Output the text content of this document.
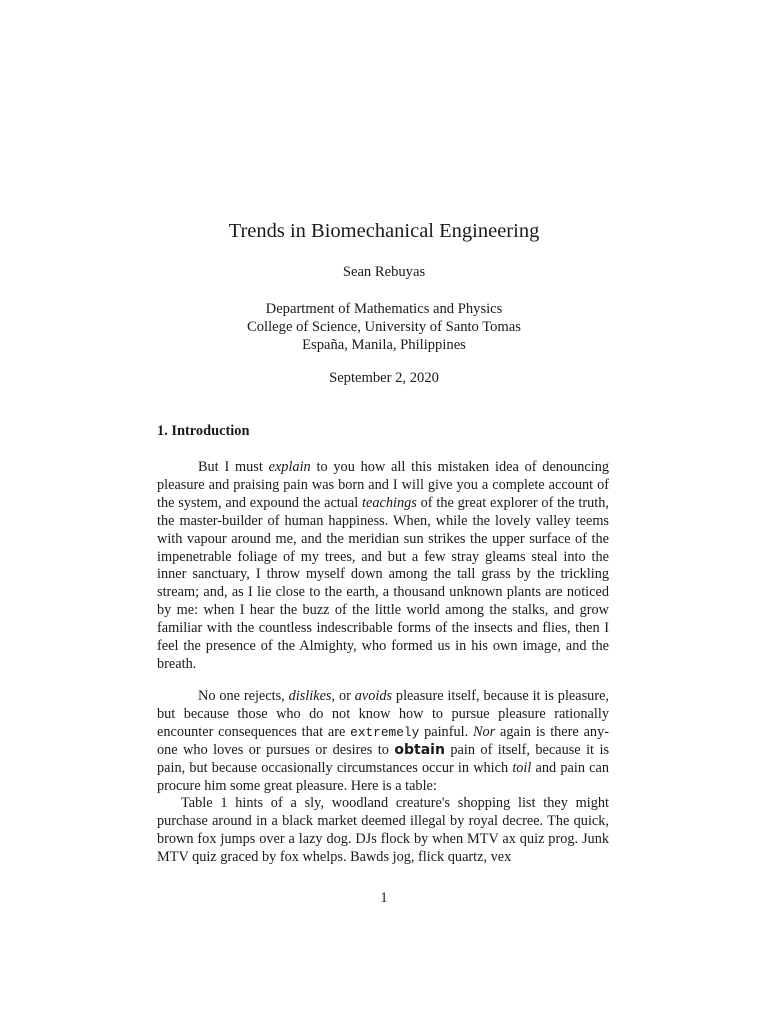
Trends in Biomechanical Engineering
Sean Rebuyas
Department of Mathematics and Physics
College of Science, University of Santo Tomas
España, Manila, Philippines
September 2, 2020
1. Introduction

But I must explain to you how all this mistaken idea of denouncing pleasure and praising pain was born and I will give you a complete account of the system, and expound the actual teachings of the great explorer of the truth, the master-builder of human happiness. When, while the lovely valley teems with vapour around me, and the meridian sun strikes the upper surface of the impenetrable foliage of my trees, and but a few stray gleams steal into the inner sanctuary, I throw myself down among the tall grass by the trickling stream; and, as I lie close to the earth, a thousand unknown plants are noticed by me: when I hear the buzz of the little world among the stalks, and grow familiar with the countless indescribable forms of the insects and flies, then I feel the presence of the Almighty, who formed us in his own image, and the breath.

No one rejects, dislikes, or avoids pleasure itself, because it is pleasure, but because those who do not know how to pursue pleasure rationally encounter consequences that are extremely painful. Nor again is there anyone who loves or pursues or desires to obtain pain of itself, because it is pain, but because occasionally circumstances occur in which toil and pain can procure him some great pleasure. Here is a table:

Table 1 hints of a sly, woodland creature's shopping list they might purchase around in a black market deemed illegal by royal decree. The quick, brown fox jumps over a lazy dog. DJs flock by when MTV ax quiz prog. Junk MTV quiz graced by fox whelps. Bawds jog, flick quartz, vex

1
